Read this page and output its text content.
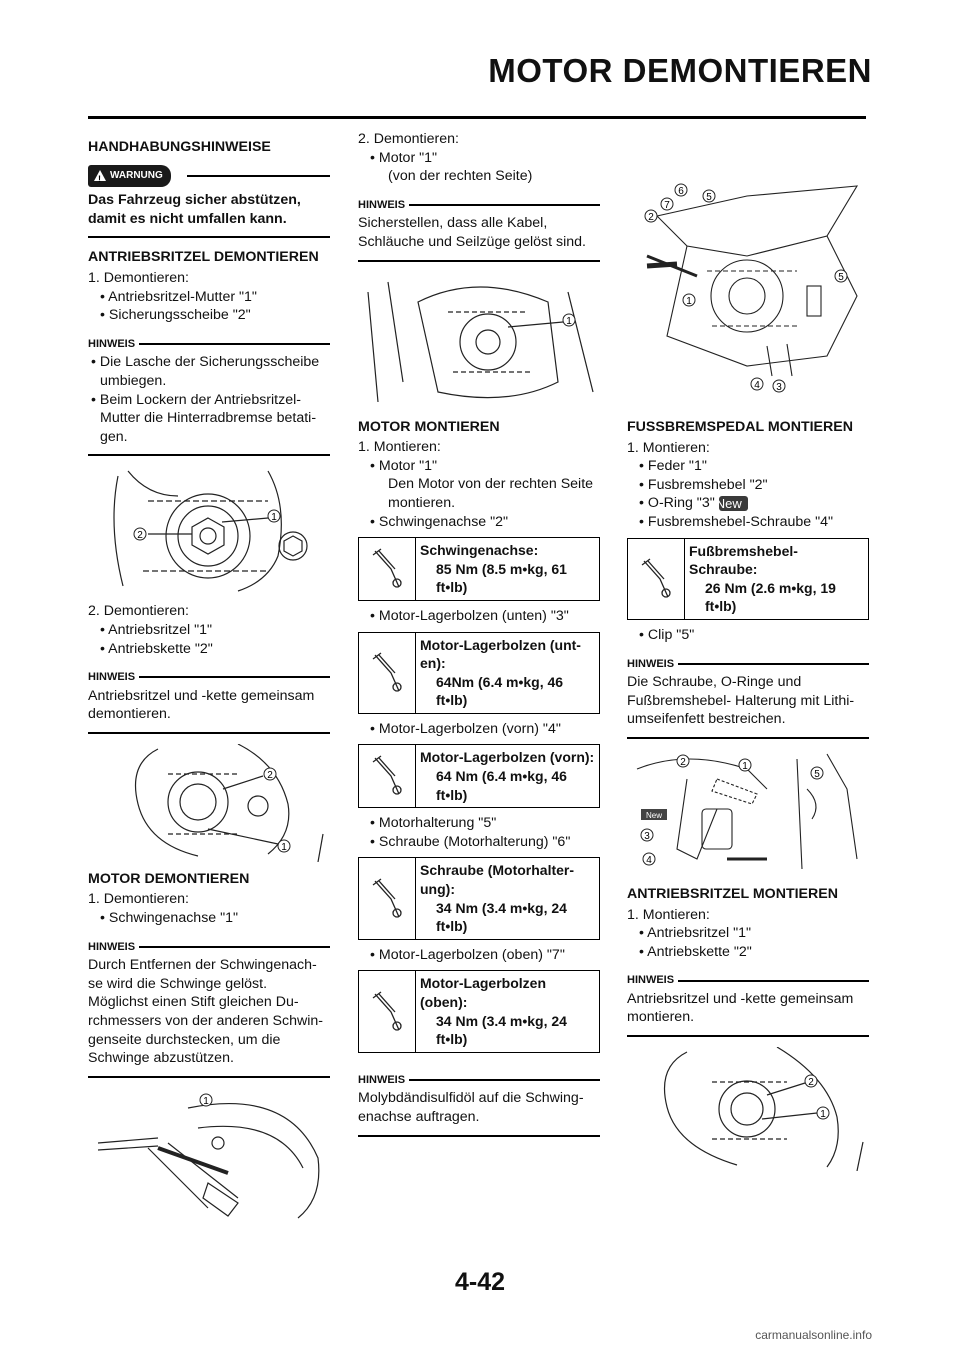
MOTOR DEMONTIEREN

HANDHABUNGSHINWEISE

!
WARNUNG

Das Fahrzeug sicher abstützen, damit es nicht umfallen kann.

ANTRIEBSRITZEL DEMONTIEREN

1. Demontieren:

• Antriebsritzel-Mutter "1"

• Sicherungsscheibe "2"

HINWEIS

• Die Lasche der Sicherungsscheibe umbiegen.

• Beim Lockern der Antriebsritzel-Mutter die Hinterradbremse betati-gen.

1
2

2. Demontieren:

• Antriebsritzel "1"

• Antriebskette "2"

HINWEIS

Antriebsritzel und -kette gemeinsam demontieren.

2
1

MOTOR DEMONTIEREN

1. Demontieren:

• Schwingenachse "1"

HINWEIS

Durch Entfernen der Schwingenach-se wird die Schwinge gelöst. Möglichst einen Stift gleichen Du-rchmessers von der anderen Schwin-genseite durchstecken, um die Schwinge abzustützen.

1

2. Demontieren:

• Motor "1"

(von der rechten Seite)

HINWEIS

Sicherstellen, dass alle Kabel, Schläuche und Seilzüge gelöst sind.

1

MOTOR MONTIEREN

1. Montieren:

• Motor "1"

Den Motor von der rechten Seite montieren.

• Schwingenachse "2"

Schwingenachse:
85 Nm (8.5 m•kg, 61 ft•lb)

• Motor-Lagerbolzen (unten) "3"

Motor-Lagerbolzen (unt-en):
64Nm (6.4 m•kg, 46 ft•lb)

• Motor-Lagerbolzen (vorn) "4"

Motor-Lagerbolzen (vorn):
64 Nm (6.4 m•kg, 46 ft•lb)

• Motorhalterung "5"

• Schraube (Motorhalterung) "6"

Schraube (Motorhalter-ung):
34 Nm (3.4 m•kg, 24 ft•lb)

• Motor-Lagerbolzen (oben) "7"

Motor-Lagerbolzen (oben):
34 Nm (3.4 m•kg, 24 ft•lb)
HINWEIS

Molybdändisulfidöl auf die Schwing-enachse auftragen.

6
7
5
2
5
1
4 3

FUSSBREMSPEDAL MONTIEREN

1. Montieren:

• Feder "1"

• Fusbremshebel "2"

• O-Ring "3"New

• Fusbremshebel-Schraube "4"

Fußbremshebel-Schraube:
26 Nm (2.6 m•kg, 19 ft•lb)

• Clip "5"

HINWEIS

Die Schraube, O-Ringe und Fußbremshebel- Halterung mit Lithi-umseifenfett bestreichen.

New
2	1
5
3
4

ANTRIEBSRITZEL MONTIEREN

1. Montieren:

• Antriebsritzel "1"

• Antriebskette "2"

HINWEIS

Antriebsritzel und -kette gemeinsam montieren.

2
1
4-42
carmanualsonline.info
